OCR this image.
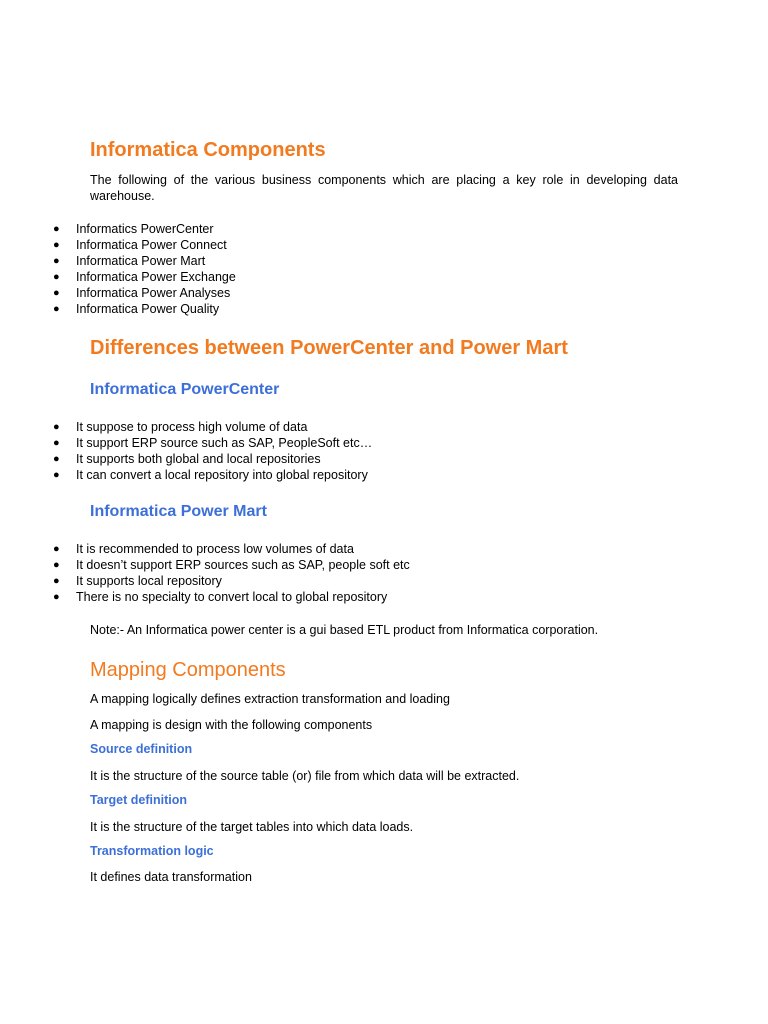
Informatica Components

The following of the various business components which are placing a key role in developing data warehouse.

● Informatics PowerCenter
● Informatica Power Connect
● Informatica Power Mart
● Informatica Power Exchange
● Informatica Power Analyses
● Informatica Power Quality
Differences between PowerCenter and Power Mart
Informatica PowerCenter
● It suppose to process high volume of data
● It support ERP source such as SAP, PeopleSoft etc…
● It supports both global and local repositories
● It can convert a local repository into global repository
Informatica Power Mart
● It is recommended to process low volumes of data
● It doesn’t support ERP sources such as SAP, people soft etc
● It supports local repository
● There is no specialty to convert local to global repository

Note:- An Informatica power center is a gui based ETL product from Informatica corporation.

Mapping Components

A mapping logically defines extraction transformation and loading

A mapping is design with the following components

Source definition

It is the structure of the source table (or) file from which data will be extracted.

Target definition

It is the structure of the target tables into which data loads.

Transformation logic

It defines data transformation
